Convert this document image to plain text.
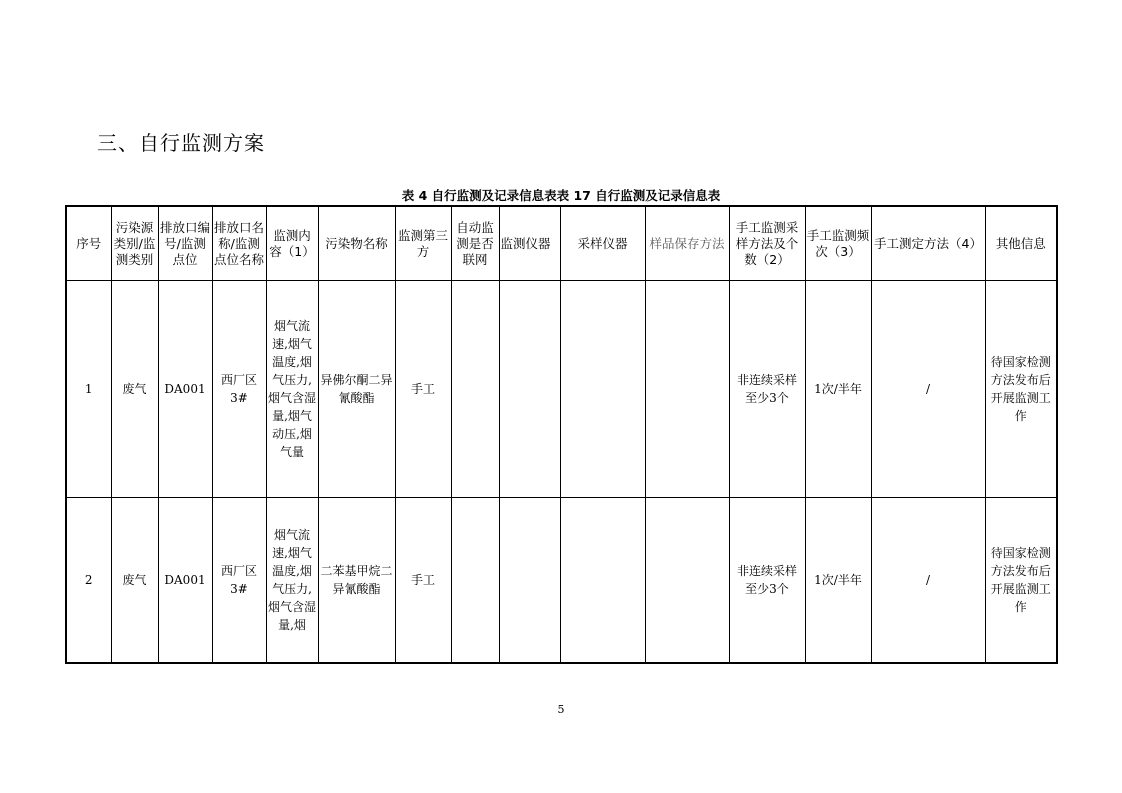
三、自行监测方案
表 4 自行监测及记录信息表表 17 自行监测及记录信息表
序号	污染源类别/监测类别	排放口编号/监测点位	排放口名称/监测点位名称	监测内容（1）	污染物名称	监测第三方	自动监测是否联网	监测仪器	采样仪器	样品保存方法	手工监测采样方法及个数（2）	手工监测频次（3）	手工测定方法（4）	其他信息
1	废气	DA001	西厂区 3#	烟气流速,烟气温度,烟气压力,烟气含湿量,烟气动压,烟气量	异佛尔酮二异氰酸酯	手工					非连续采样 至少3个	1次/半年	/	待国家检测方法发布后开展监测工作
2	废气	DA001	西厂区 3#	烟气流速,烟气温度,烟气压力,烟气含湿量,烟	二苯基甲烷二异氰酸酯	手工					非连续采样 至少3个	1次/半年	/	待国家检测方法发布后开展监测工作
5
